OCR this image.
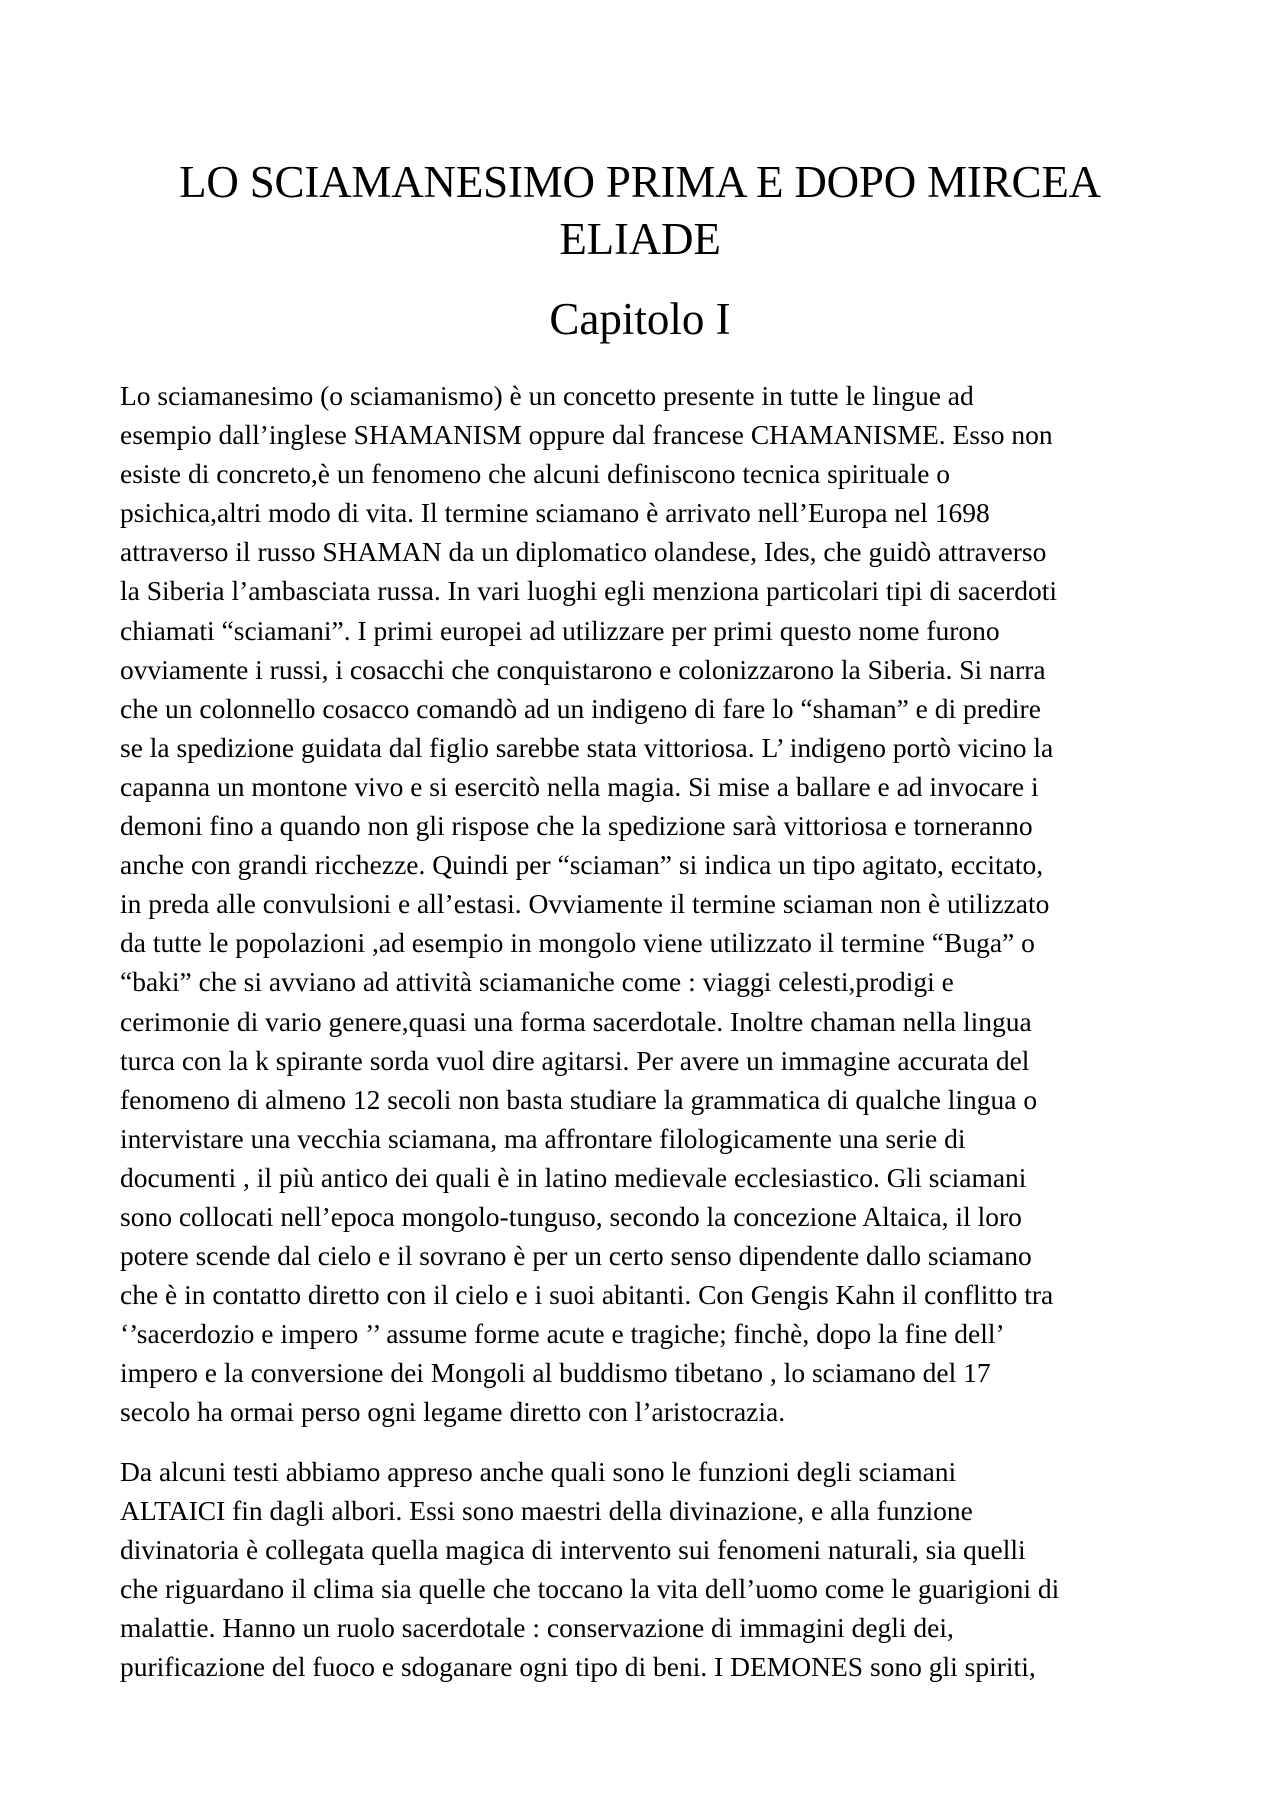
LO SCIAMANESIMO PRIMA E DOPO MIRCEA ELIADE
Capitolo I

Lo sciamanesimo (o sciamanismo) è un concetto presente in tutte le lingue ad
esempio dall’inglese SHAMANISM oppure dal francese CHAMANISME. Esso non
esiste di concreto,è un fenomeno che alcuni definiscono tecnica spirituale o
psichica,altri modo di vita. Il termine sciamano è arrivato nell’Europa nel 1698
attraverso il russo SHAMAN da un diplomatico olandese, Ides, che guidò attraverso
la Siberia l’ambasciata russa. In vari luoghi egli menziona particolari tipi di sacerdoti
chiamati “sciamani”. I primi europei ad utilizzare per primi questo nome furono
ovviamente i russi, i cosacchi che conquistarono e colonizzarono la Siberia. Si narra
che un colonnello cosacco comandò ad un indigeno di fare lo “shaman” e di predire
se la spedizione guidata dal figlio sarebbe stata vittoriosa. L’ indigeno portò vicino la
capanna un montone vivo e si esercitò nella magia. Si mise a ballare e ad invocare i
demoni fino a quando non gli rispose che la spedizione sarà vittoriosa e torneranno
anche con grandi ricchezze. Quindi per “sciaman” si indica un tipo agitato, eccitato,
in preda alle convulsioni e all’estasi. Ovviamente il termine sciaman non è utilizzato
da tutte le popolazioni ,ad esempio in mongolo viene utilizzato il termine “Buga” o
“baki” che si avviano ad attività sciamaniche come : viaggi celesti,prodigi e
cerimonie di vario genere,quasi una forma sacerdotale. Inoltre chaman nella lingua
turca con la k spirante sorda vuol dire agitarsi. Per avere un immagine accurata del
fenomeno di almeno 12 secoli non basta studiare la grammatica di qualche lingua o
intervistare una vecchia sciamana, ma affrontare filologicamente una serie di
documenti , il più antico dei quali è in latino medievale ecclesiastico. Gli sciamani
sono collocati nell’epoca mongolo-tunguso, secondo la concezione Altaica, il loro
potere scende dal cielo e il sovrano è per un certo senso dipendente dallo sciamano
che è in contatto diretto con il cielo e i suoi abitanti. Con Gengis Kahn il conflitto tra
‘’sacerdozio e impero ’’ assume forme acute e tragiche; finchè, dopo la fine dell’
impero e la conversione dei Mongoli al buddismo tibetano , lo sciamano del 17
secolo ha ormai perso ogni legame diretto con l’aristocrazia.

Da alcuni testi abbiamo appreso anche quali sono le funzioni degli sciamani
ALTAICI fin dagli albori. Essi sono maestri della divinazione, e alla funzione
divinatoria è collegata quella magica di intervento sui fenomeni naturali, sia quelli
che riguardano il clima sia quelle che toccano la vita dell’uomo come le guarigioni di
malattie. Hanno un ruolo sacerdotale : conservazione di immagini degli dei,
purificazione del fuoco e sdoganare ogni tipo di beni. I DEMONES sono gli spiriti,
